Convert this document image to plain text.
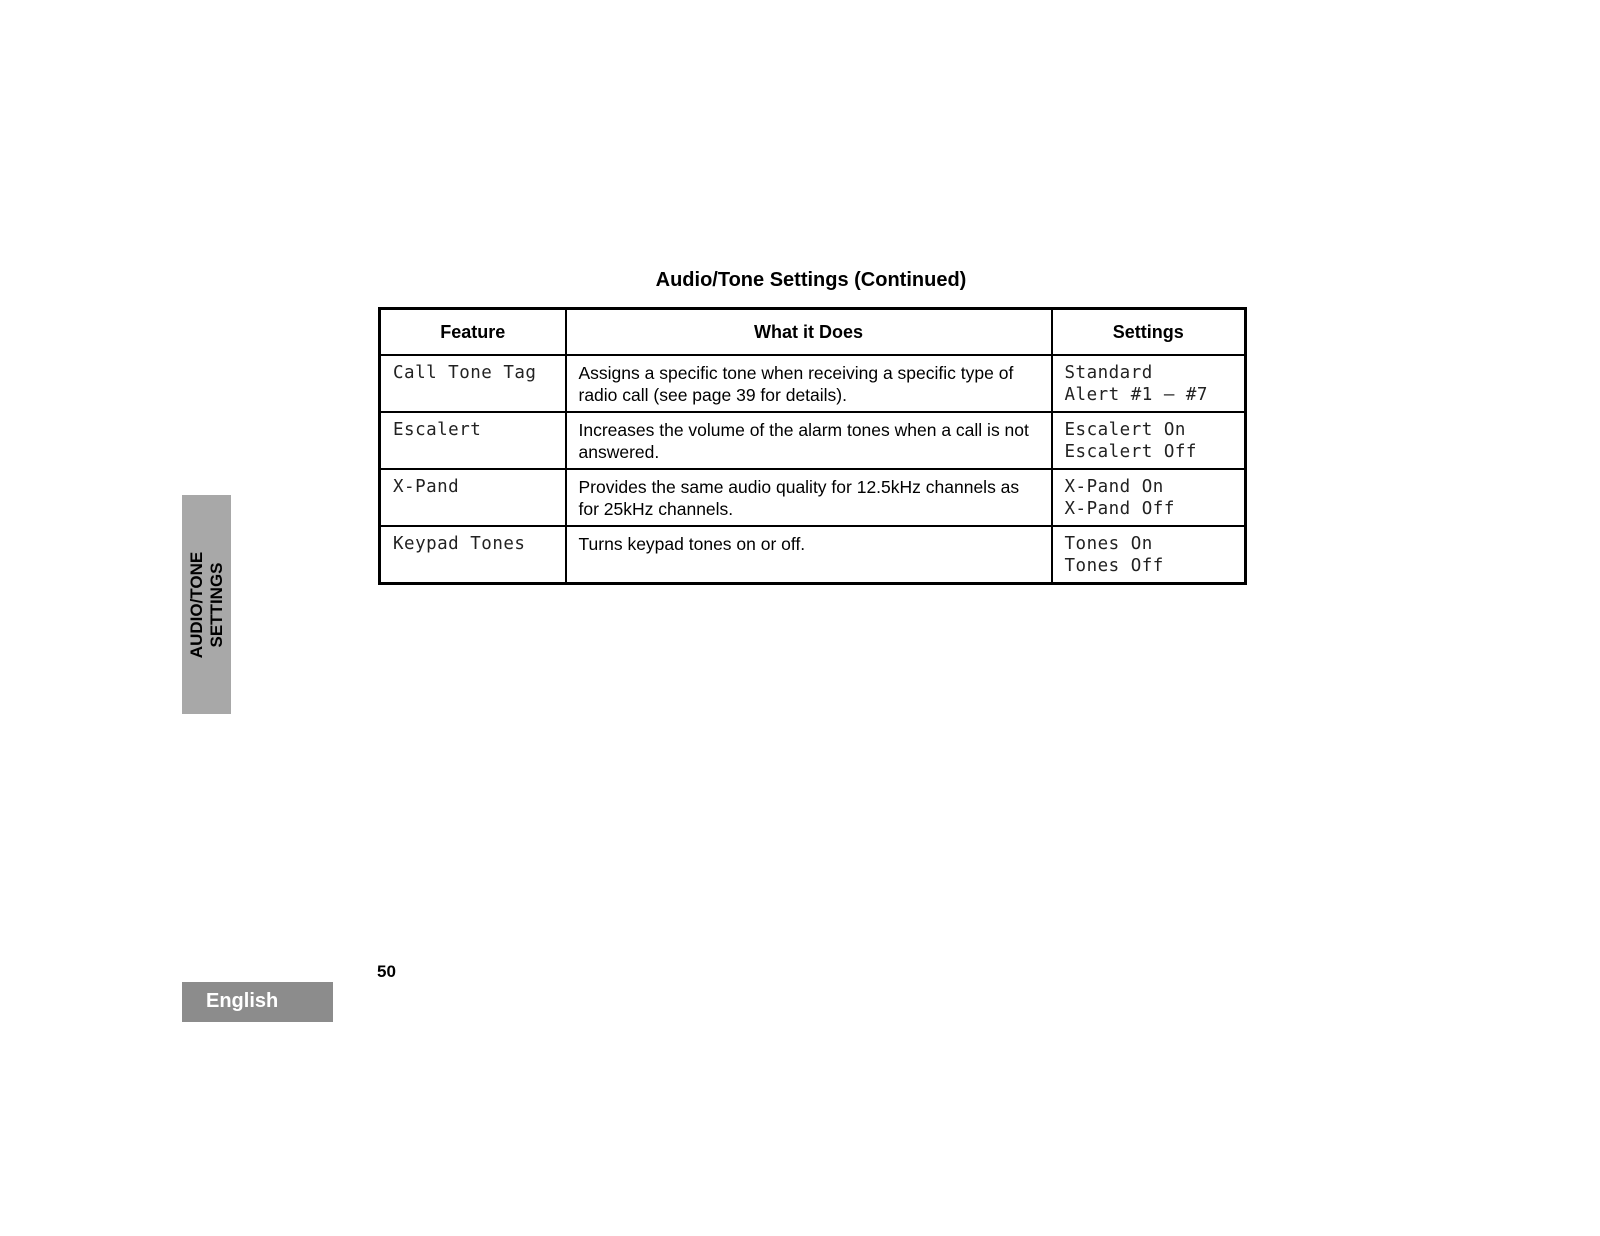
Audio/Tone Settings (Continued)
Feature	What it Does	Settings

Call Tone Tag	Assigns a specific tone when receiving a specific type of radio call (see page 39 for details).	Standard
Alert #1 – #7

Escalert	Increases the volume of the alarm tones when a call is not answered.	Escalert On
Escalert Off

X-Pand	Provides the same audio quality for 12.5kHz channels as for 25kHz channels.	X-Pand On
X-Pand Off

Keypad Tones	Turns keypad tones on or off.	Tones On
Tones Off
AUDIO/TONE SETTINGS
50
English
